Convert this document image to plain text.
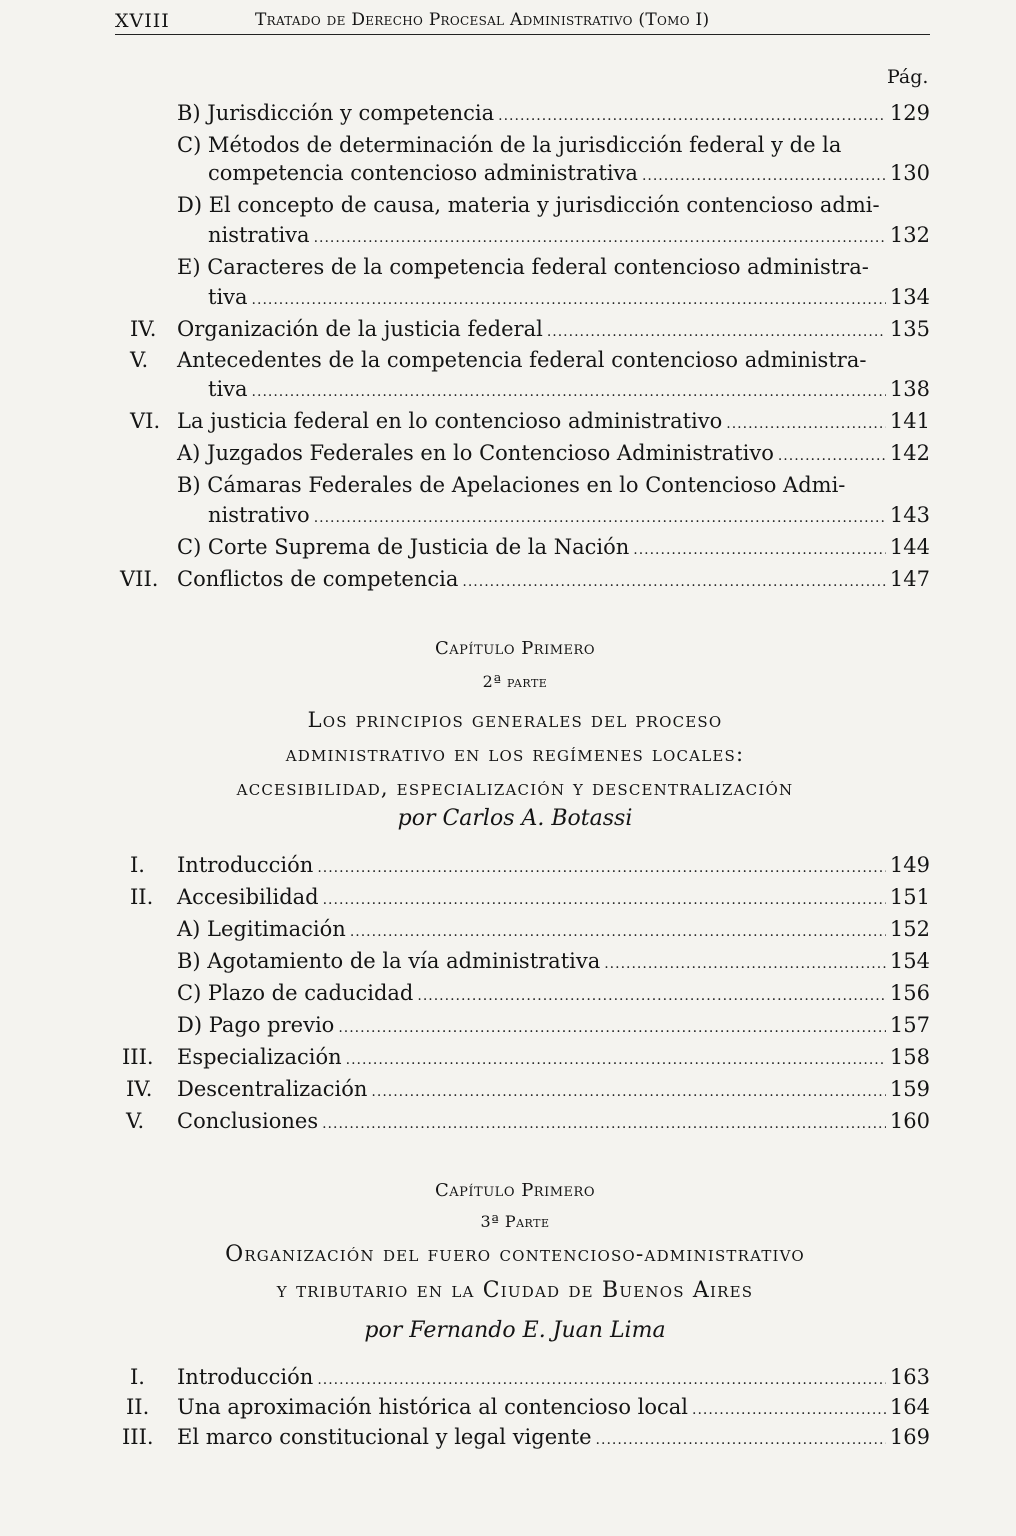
XVIII	Tratado de Derecho Procesal Administrativo (Tomo I)
Pág.
B) Jurisdicción y competencia .....	129
C) Métodos de determinación de la jurisdicción federal y de la
competencia contencioso administrativa .....	130
D) El concepto de causa, materia y jurisdicción contencioso admi-
nistrativa .....	132
E) Caracteres de la competencia federal contencioso administra-
tiva .....	134
IV. Organización de la justicia federal .....	135
V. Antecedentes de la competencia federal contencioso administra-
tiva .....	138
VI. La justicia federal en lo contencioso administrativo .....	141
A) Juzgados Federales en lo Contencioso Administrativo .....	142
B) Cámaras Federales de Apelaciones en lo Contencioso Admi-
nistrativo .....	143
C) Corte Suprema de Justicia de la Nación .....	144
VII. Conflictos de competencia .....	147
Capítulo Primero
2ª parte
Los principios generales del proceso
administrativo en los regímenes locales:
accesibilidad, especialización y descentralización
por Carlos A. Botassi
I. Introducción .....	149
II. Accesibilidad .....	151
A) Legitimación .....	152
B) Agotamiento de la vía administrativa .....	154
C) Plazo de caducidad .....	156
D) Pago previo .....	157
III. Especialización .....	158
IV. Descentralización .....	159
V. Conclusiones .....	160
Capítulo Primero
3ª Parte
Organización del fuero contencioso-administrativo
y tributario en la Ciudad de Buenos Aires
por Fernando E. Juan Lima
I. Introducción .....	163
II. Una aproximación histórica al contencioso local .....	164
III. El marco constitucional y legal vigente .....	169
